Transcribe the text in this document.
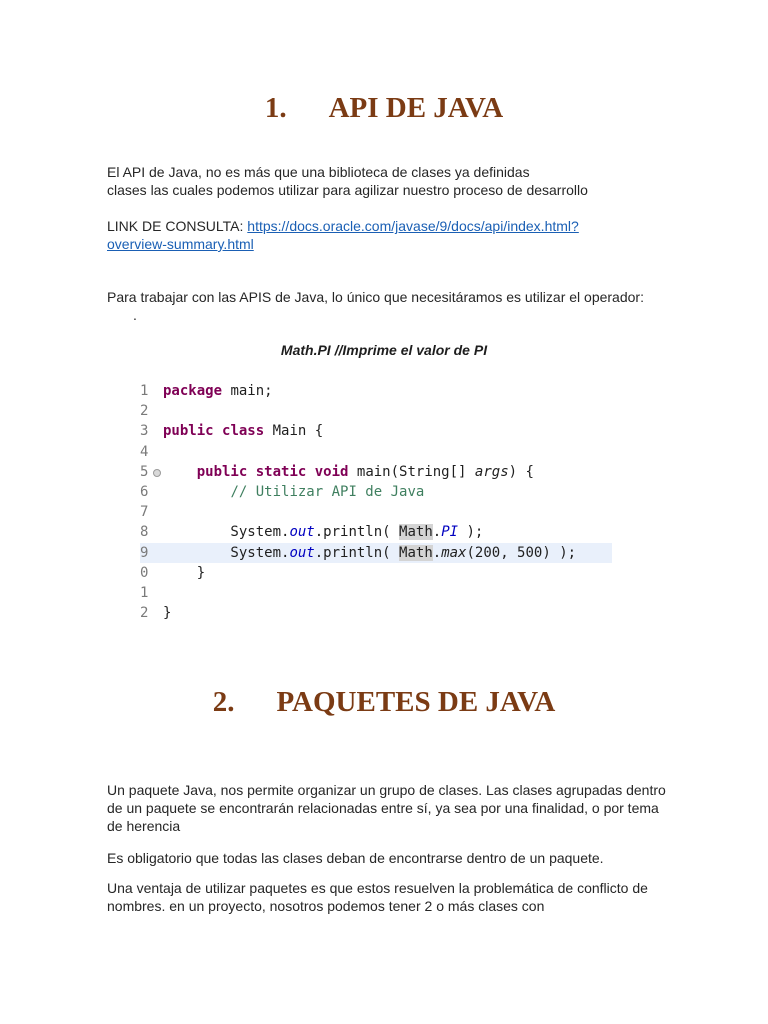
1. API DE JAVA

El API de Java, no es más que una biblioteca de clases ya definidas
clases las cuales podemos utilizar para agilizar nuestro proceso de desarrollo

LINK DE CONSULTA: https://docs.oracle.com/javase/9/docs/api/index.html?
overview-summary.html

Para trabajar con las APIS de Java, lo único que necesitáramos es utilizar el operador:.

Math.PI //Imprime el valor de PI
1	package main;
2
3	public class Main {
4
5	public static void main(String[] args) {
6	// Utilizar API de Java
7
8	System.out.println( Math.PI );
9	System.out.println( Math.max(200, 500) );
0	}
1
2	}
2. PAQUETES DE JAVA

Un paquete Java, nos permite organizar un grupo de clases. Las clases agrupadas dentro de un paquete se encontrarán relacionadas entre sí, ya sea por una finalidad, o por tema de herencia

Es obligatorio que todas las clases deban de encontrarse dentro de un paquete.

Una ventaja de utilizar paquetes es que estos resuelven la problemática de conflicto de nombres. en un proyecto, nosotros podemos tener 2 o más clases con
